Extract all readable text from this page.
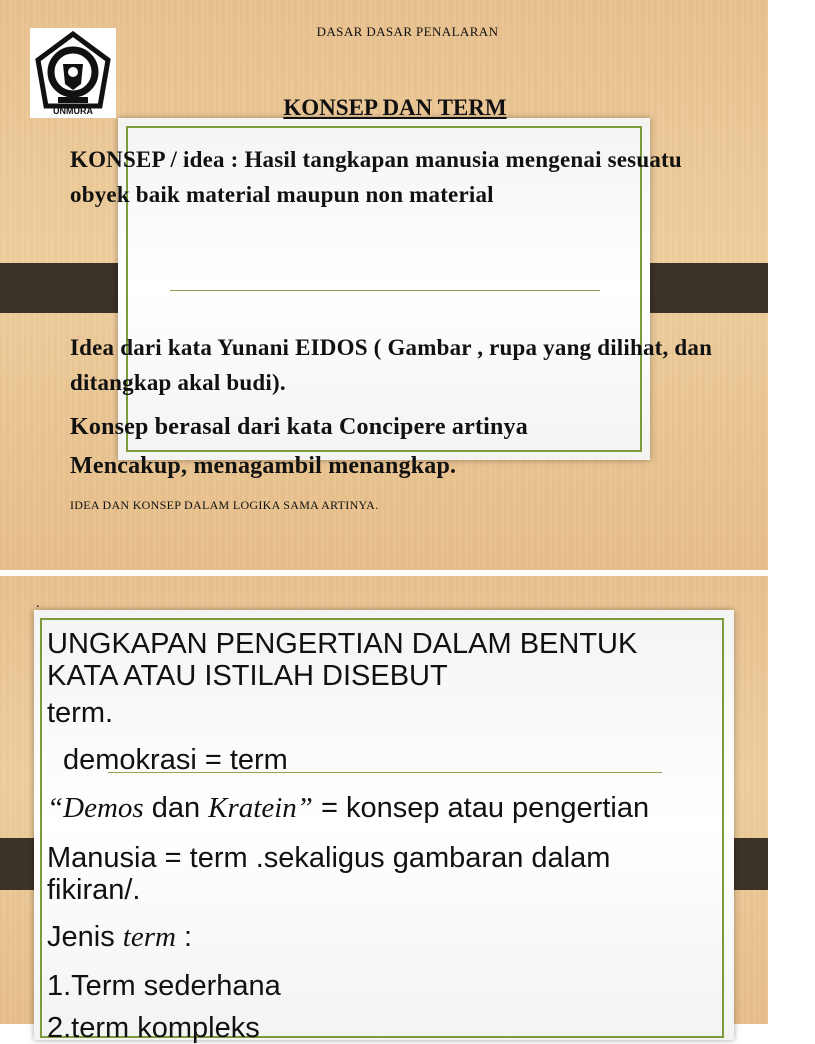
UNMURA

DASAR DASAR PENALARAN

KONSEP DAN TERM

KONSEP / idea : Hasil tangkapan manusia mengenai sesuatu obyek baik material maupun non material

Idea dari kata Yunani EIDOS ( Gambar , rupa yang dilihat, dan ditangkap akal budi).

Konsep berasal dari kata Concipere artinya

Mencakup, menagambil menangkap.

IDEA DAN KONSEP DALAM LOGIKA SAMA ARTINYA.

.

UNGKAPAN PENGERTIAN DALAM BENTUK KATA ATAU ISTILAH DISEBUT

term.

demokrasi = term

“Demos dan Kratein” = konsep atau pengertian

Manusia = term .sekaligus gambaran dalam fikiran/.

Jenis term :

1.Term sederhana

2.term kompleks
